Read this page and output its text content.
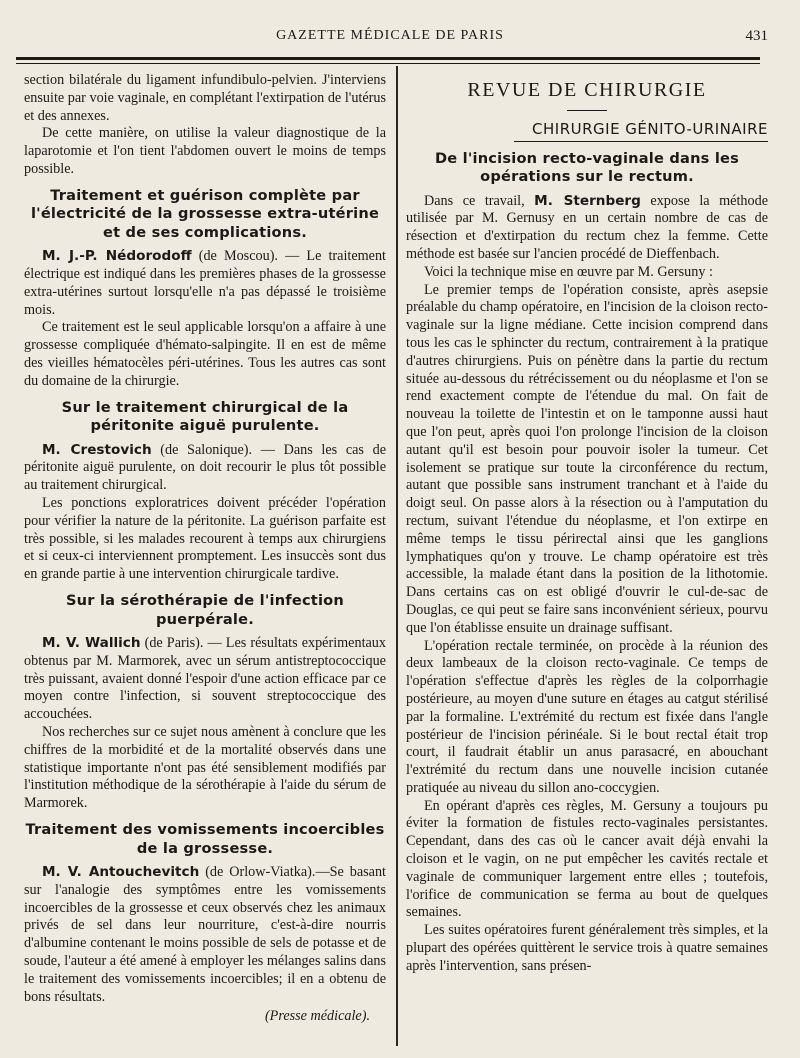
GAZETTE MÉDICALE DE PARIS	431

section bilatérale du ligament infundibulo-pelvien. J'interviens ensuite par voie vaginale, en complétant l'extirpation de l'utérus et des annexes.

De cette manière, on utilise la valeur diagnostique de la laparotomie et l'on tient l'abdomen ouvert le moins de temps possible.

Traitement et guérison complète par l'électricité de la grossesse extra-utérine et de ses complications.

M. J.-P. Nédorodoff (de Moscou). — Le traitement électrique est indiqué dans les premières phases de la grossesse extra-utérines surtout lorsqu'elle n'a pas dépassé le troisième mois.

Ce traitement est le seul applicable lorsqu'on a affaire à une grossesse compliquée d'hémato-salpingite. Il en est de même des vieilles hématocèles péri-utérines. Tous les autres cas sont du domaine de la chirurgie.

Sur le traitement chirurgical de la péritonite aiguë purulente.

M. Crestovich (de Salonique). — Dans les cas de péritonite aiguë purulente, on doit recourir le plus tôt possible au traitement chirurgical.

Les ponctions exploratrices doivent précéder l'opération pour vérifier la nature de la péritonite. La guérison parfaite est très possible, si les malades recourent à temps aux chirurgiens et si ceux-ci interviennent promptement. Les insuccès sont dus en grande partie à une intervention chirurgicale tardive.

Sur la sérothérapie de l'infection puerpérale.

M. V. Wallich (de Paris). — Les résultats expérimentaux obtenus par M. Marmorek, avec un sérum antistreptococcique très puissant, avaient donné l'espoir d'une action efficace par ce moyen contre l'infection, si souvent streptococcique des accouchées.

Nos recherches sur ce sujet nous amènent à conclure que les chiffres de la morbidité et de la mortalité observés dans une statistique importante n'ont pas été sensiblement modifiés par l'institution méthodique de la sérothérapie à l'aide du sérum de Marmorek.

Traitement des vomissements incoercibles de la grossesse.

M. V. Antouchevitch (de Orlow-Viatka).—Se basant sur l'analogie des symptômes entre les vomissements incoercibles de la grossesse et ceux observés chez les animaux privés de sel dans leur nourriture, c'est-à-dire nourris d'albumine contenant le moins possible de sels de potasse et de soude, l'auteur a été amené à employer les mélanges salins dans le traitement des vomissements incoercibles; il en a obtenu de bons résultats.

(Presse médicale).
REVUE DE CHIRURGIE
CHIRURGIE GÉNITO-URINAIRE
De l'incision recto-vaginale dans les opérations sur le rectum.

Dans ce travail, M. Sternberg expose la méthode utilisée par M. Gernusy en un certain nombre de cas de résection et d'extirpation du rectum chez la femme. Cette méthode est basée sur l'ancien procédé de Dieffenbach.

Voici la technique mise en œuvre par M. Gersuny :

Le premier temps de l'opération consiste, après asepsie préalable du champ opératoire, en l'incision de la cloison recto-vaginale sur la ligne médiane. Cette incision comprend dans tous les cas le sphincter du rectum, contrairement à la pratique d'autres chirurgiens. Puis on pénètre dans la partie du rectum située au-dessous du rétrécissement ou du néoplasme et l'on se rend exactement compte de l'étendue du mal. On fait de nouveau la toilette de l'intestin et on le tamponne aussi haut que l'on peut, après quoi l'on prolonge l'incision de la cloison autant qu'il est besoin pour pouvoir isoler la tumeur. Cet isolement se pratique sur toute la circonférence du rectum, autant que possible sans instrument tranchant et à l'aide du doigt seul. On passe alors à la résection ou à l'amputation du rectum, suivant l'étendue du néoplasme, et l'on extirpe en même temps le tissu périrectal ainsi que les ganglions lymphatiques qu'on y trouve. Le champ opératoire est très accessible, la malade étant dans la position de la lithotomie. Dans certains cas on est obligé d'ouvrir le cul-de-sac de Douglas, ce qui peut se faire sans inconvénient sérieux, pourvu que l'on établisse ensuite un drainage suffisant.

L'opération rectale terminée, on procède à la réunion des deux lambeaux de la cloison recto-vaginale. Ce temps de l'opération s'effectue d'après les règles de la colporrhagie postérieure, au moyen d'une suture en étages au catgut stérilisé par la formaline. L'extrémité du rectum est fixée dans l'angle postérieur de l'incision périnéale. Si le bout rectal était trop court, il faudrait établir un anus parasacré, en abouchant l'extrémité du rectum dans une nouvelle incision cutanée pratiquée au niveau du sillon ano-coccygien.

En opérant d'après ces règles, M. Gersuny a toujours pu éviter la formation de fistules recto-vaginales persistantes. Cependant, dans des cas où le cancer avait déjà envahi la cloison et le vagin, on ne put empêcher les cavités rectale et vaginale de communiquer largement entre elles ; toutefois, l'orifice de communication se ferma au bout de quelques semaines.

Les suites opératoires furent généralement très simples, et la plupart des opérées quittèrent le service trois à quatre semaines après l'intervention, sans présen-
